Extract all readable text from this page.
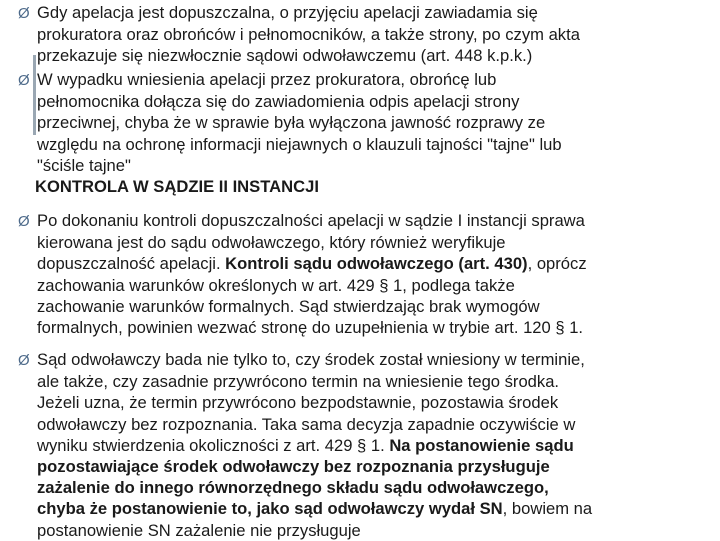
Ø Gdy apelacja jest dopuszczalna, o przyjęciu apelacji zawiadamia się
prokuratora oraz obrońców i pełnomocników, a także strony, po czym akta
przekazuje się niezwłocznie sądowi odwoławczemu (art. 448 k.p.k.)
Ø W wypadku wniesienia apelacji przez prokuratora, obrońcę lub
pełnomocnika dołącza się do zawiadomienia odpis apelacji strony
przeciwnej, chyba że w sprawie była wyłączona jawność rozprawy ze
względu na ochronę informacji niejawnych o klauzuli tajności "tajne" lub
"ściśle tajne"
KONTROLA W SĄDZIE II INSTANCJI
Ø Po dokonaniu kontroli dopuszczalności apelacji w sądzie I instancji sprawa
kierowana jest do sądu odwoławczego, który również weryfikuje
dopuszczalność apelacji. Kontroli sądu odwoławczego (art. 430), oprócz
zachowania warunków określonych w art. 429 § 1, podlega także
zachowanie warunków formalnych. Sąd stwierdzając brak wymogów
formalnych, powinien wezwać stronę do uzupełnienia w trybie art. 120 § 1.
Ø Sąd odwoławczy bada nie tylko to, czy środek został wniesiony w terminie,
ale także, czy zasadnie przywrócono termin na wniesienie tego środka.
Jeżeli uzna, że termin przywrócono bezpodstawnie, pozostawia środek
odwoławczy bez rozpoznania. Taka sama decyzja zapadnie oczywiście w
wyniku stwierdzenia okoliczności z art. 429 § 1. Na postanowienie sądu
pozostawiające środek odwoławczy bez rozpoznania przysługuje
zażalenie do innego równorzędnego składu sądu odwoławczego,
chyba że postanowienie to, jako sąd odwoławczy wydał SN, bowiem na
postanowienie SN zażalenie nie przysługuje
